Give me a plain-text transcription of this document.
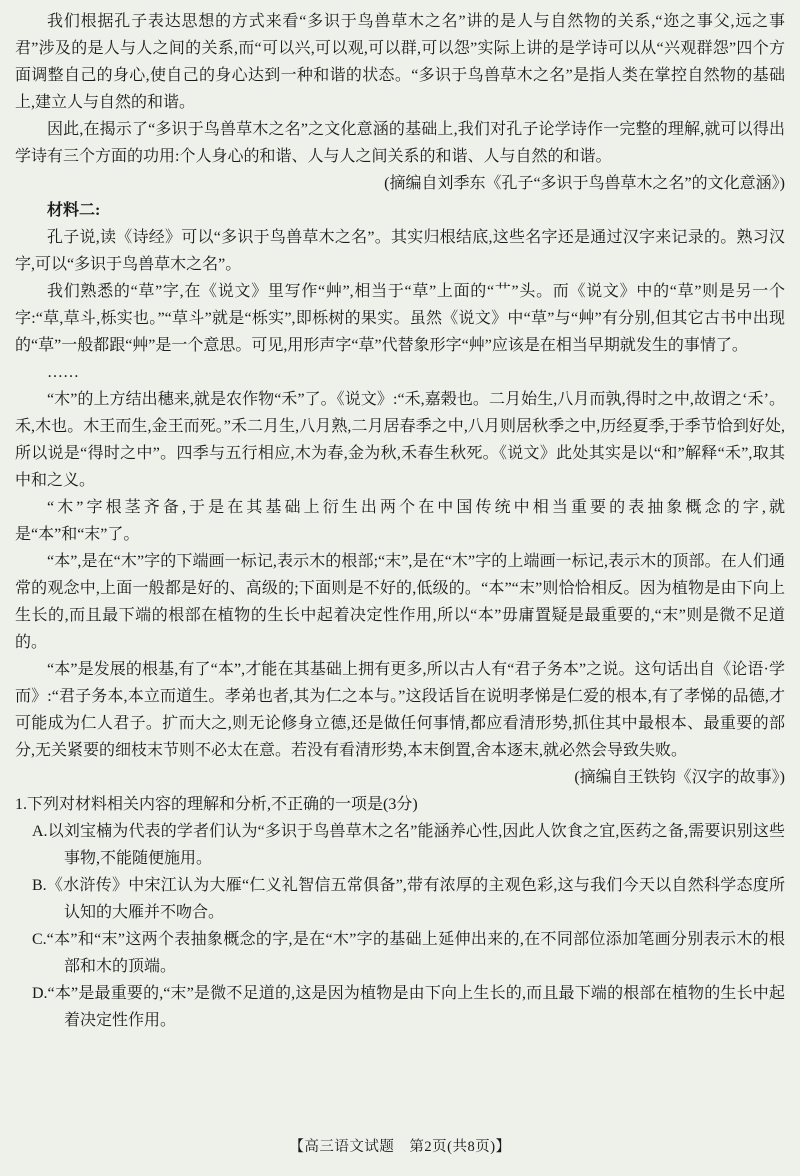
我们根据孔子表达思想的方式来看“多识于鸟兽草木之名”讲的是人与自然物的关系,“迩之事父,远之事君”涉及的是人与人之间的关系,而“可以兴,可以观,可以群,可以怨”实际上讲的是学诗可以从“兴观群怨”四个方面调整自己的身心,使自己的身心达到一种和谐的状态。“多识于鸟兽草木之名”是指人类在掌控自然物的基础上,建立人与自然的和谐。

因此,在揭示了“多识于鸟兽草木之名”之文化意涵的基础上,我们对孔子论学诗作一完整的理解,就可以得出学诗有三个方面的功用:个人身心的和谐、人与人之间关系的和谐、人与自然的和谐。

(摘编自刘季东《孔子“多识于鸟兽草木之名”的文化意涵》)

材料二:

孔子说,读《诗经》可以“多识于鸟兽草木之名”。其实归根结底,这些名字还是通过汉字来记录的。熟习汉字,可以“多识于鸟兽草木之名”。

我们熟悉的“草”字,在《说文》里写作“艸”,相当于“草”上面的“艹”头。而《说文》中的“草”则是另一个字:“草,草斗,栎实也。”“草斗”就是“栎实”,即栎树的果实。虽然《说文》中“草”与“艸”有分别,但其它古书中出现的“草”一般都跟“艸”是一个意思。可见,用形声字“草”代替象形字“艸”应该是在相当早期就发生的事情了。

……

“木”的上方结出穗来,就是农作物“禾”了。《说文》:“禾,嘉榖也。二月始生,八月而孰,得时之中,故谓之‘禾’。禾,木也。木王而生,金王而死。”禾二月生,八月熟,二月居春季之中,八月则居秋季之中,历经夏季,于季节恰到好处,所以说是“得时之中”。四季与五行相应,木为春,金为秋,禾春生秋死。《说文》此处其实是以“和”解释“禾”,取其中和之义。

“木”字根茎齐备,于是在其基础上衍生出两个在中国传统中相当重要的表抽象概念的字,就是“本”和“末”了。

“本”,是在“木”字的下端画一标记,表示木的根部;“末”,是在“木”字的上端画一标记,表示木的顶部。在人们通常的观念中,上面一般都是好的、高级的;下面则是不好的,低级的。“本”“末”则恰恰相反。因为植物是由下向上生长的,而且最下端的根部在植物的生长中起着决定性作用,所以“本”毋庸置疑是最重要的,“末”则是微不足道的。

“本”是发展的根基,有了“本”,才能在其基础上拥有更多,所以古人有“君子务本”之说。这句话出自《论语·学而》:“君子务本,本立而道生。孝弟也者,其为仁之本与。”这段话旨在说明孝悌是仁爱的根本,有了孝悌的品德,才可能成为仁人君子。扩而大之,则无论修身立德,还是做任何事情,都应看清形势,抓住其中最根本、最重要的部分,无关紧要的细枝末节则不必太在意。若没有看清形势,本末倒置,舍本逐末,就必然会导致失败。

(摘编自王铁钧《汉字的故事》)

1.下列对材料相关内容的理解和分析,不正确的一项是(3分)

A.以刘宝楠为代表的学者们认为“多识于鸟兽草木之名”能涵养心性,因此人饮食之宜,医药之备,需要识别这些事物,不能随便施用。

B.《水浒传》中宋江认为大雁“仁义礼智信五常俱备”,带有浓厚的主观色彩,这与我们今天以自然科学态度所认知的大雁并不吻合。

C.“本”和“末”这两个表抽象概念的字,是在“木”字的基础上延伸出来的,在不同部位添加笔画分别表示木的根部和木的顶端。

D.“本”是最重要的,“末”是微不足道的,这是因为植物是由下向上生长的,而且最下端的根部在植物的生长中起着决定性作用。

【高三语文试题　第2页(共8页)】
